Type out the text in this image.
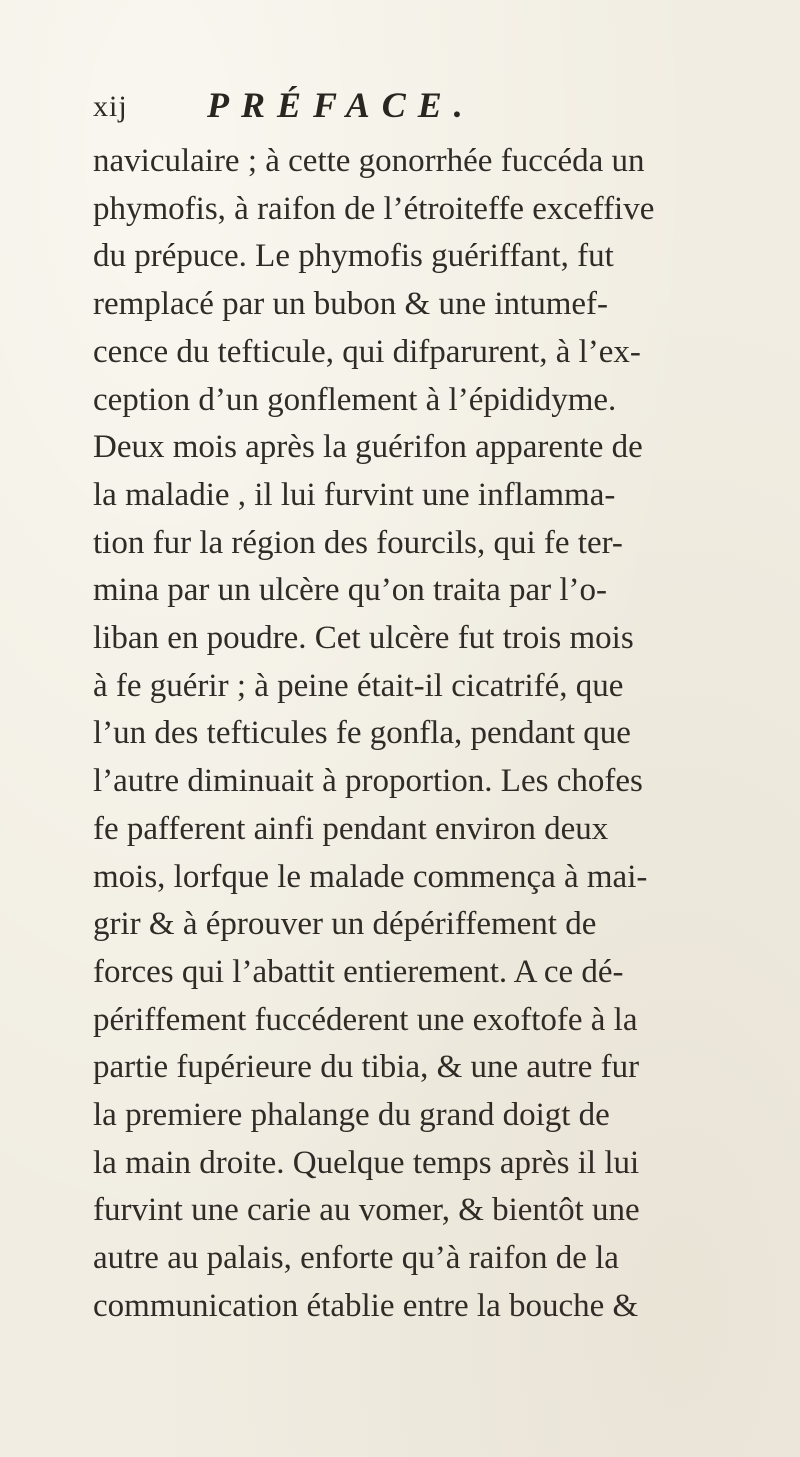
xij PRÉFACE.
naviculaire ; à cette gonorrhée fuccéda un
phymofis, à raifon de l’étroiteffe exceffive
du prépuce. Le phymofis guériffant, fut
remplacé par un bubon & une intumef-
cence du tefticule, qui difparurent, à l’ex-
ception d’un gonflement à l’épididyme.
Deux mois après la guérifon apparente de
la maladie , il lui furvint une inflamma-
tion fur la région des fourcils, qui fe ter-
mina par un ulcère qu’on traita par l’o-
liban en poudre. Cet ulcère fut trois mois
à fe guérir ; à peine était-il cicatrifé, que
l’un des tefticules fe gonfla, pendant que
l’autre diminuait à proportion. Les chofes
fe pafferent ainfi pendant environ deux
mois, lorfque le malade commença à mai-
grir & à éprouver un dépériffement de
forces qui l’abattit entierement. A ce dé-
périffement fuccéderent une exoftofe à la
partie fupérieure du tibia, & une autre fur
la premiere phalange du grand doigt de
la main droite. Quelque temps après il lui
furvint une carie au vomer, & bientôt une
autre au palais, enforte qu’à raifon de la
communication établie entre la bouche &
